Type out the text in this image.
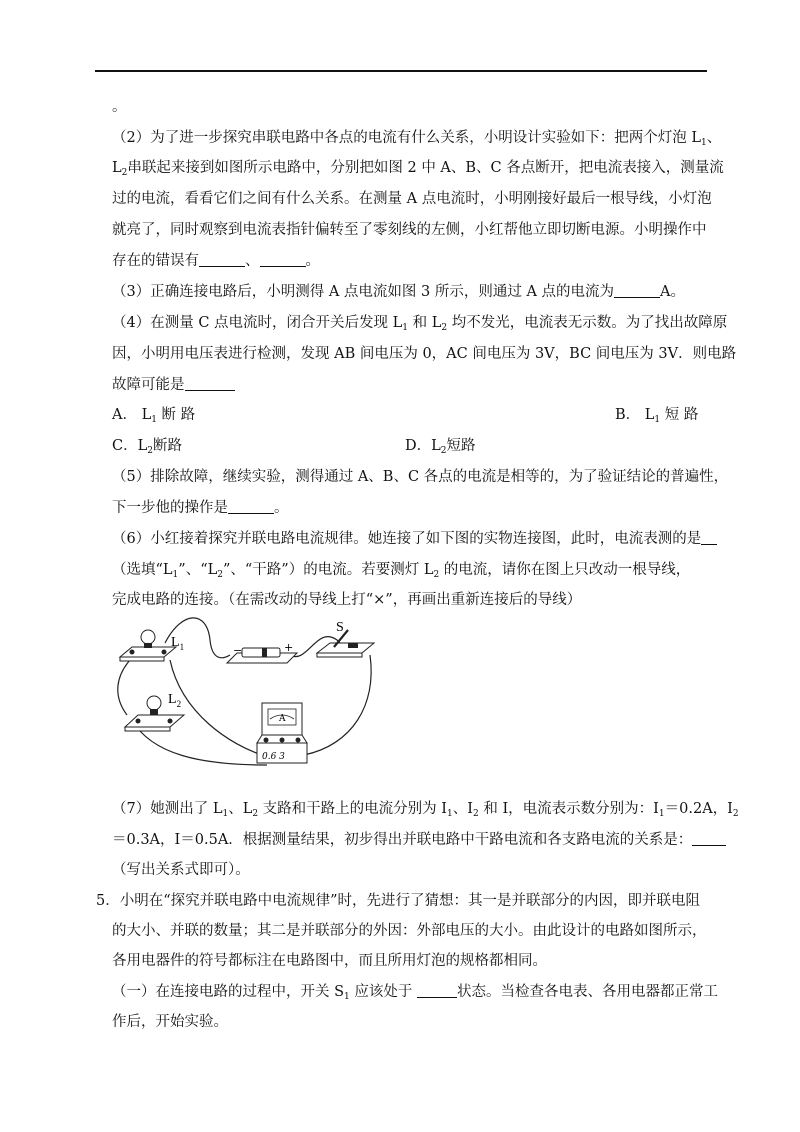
。
（2）为了进一步探究串联电路中各点的电流有什么关系，小明设计实验如下：把两个灯泡 $L_1$、
$L_2$串联起来接到如图所示电路中，分别把如图 2 中 A、B、C 各点断开，把电流表接入，测量流
过的电流，看看它们之间有什么关系。在测量 A 点电流时，小明刚接好最后一根导线，小灯泡
就亮了，同时观察到电流表指针偏转至了零刻线的左侧，小红帮他立即切断电源。小明操作中
存在的错误有	、	。
（3）正确连接电路后，小明测得 A 点电流如图 3 所示，则通过 A 点的电流为	A。
（4）在测量 C 点电流时，闭合开关后发现 $L_1$ 和 $L_2$ 均不发光，电流表无示数。为了找出故障原
因，小明用电压表进行检测，发现 AB 间电压为 0，AC 间电压为 3V，BC 间电压为 3V．则电路
故障可能是
A． $L_1$ 断 路	B． $L_1$ 短 路
C．$L_2$断路	D．$L_2$短路
（5）排除故障，继续实验，测得通过 A、B、C 各点的电流是相等的，为了验证结论的普遍性，
下一步他的操作是	。
（6）小红接着探究并联电路电流规律。她连接了如下图的实物连接图，此时，电流表测的是
（选填“$L_1$”、“$L_2$”、“干路”）的电流。若要测灯 $L_2$ 的电流，请你在图上只改动一根导线，
完成电路的连接。（在需改动的导线上打“×”，再画出重新连接后的导线）
$L_1$
$L_2$
−	+
S
A
0.6 3
（7）她测出了 $L_1$、$L_2$ 支路和干路上的电流分别为 $I_1$、$I_2$ 和 I，电流表示数分别为：$I_1=0.2A$，$I_2$
＝0.3A，I＝0.5A．根据测量结果，初步得出并联电路中干路电流和各支路电流的关系是：
（写出关系式即可）。
5．小明在“探究并联电路中电流规律”时，先进行了猜想：其一是并联部分的内因，即并联电阻
的大小、并联的数量；其二是并联部分的外因：外部电压的大小。由此设计的电路如图所示，
各用电器件的符号都标注在电路图中，而且所用灯泡的规格都相同。
（一）在连接电路的过程中，开关 $S_1$ 应该处于	状态。当检查各电表、各用电器都正常工
作后，开始实验。
